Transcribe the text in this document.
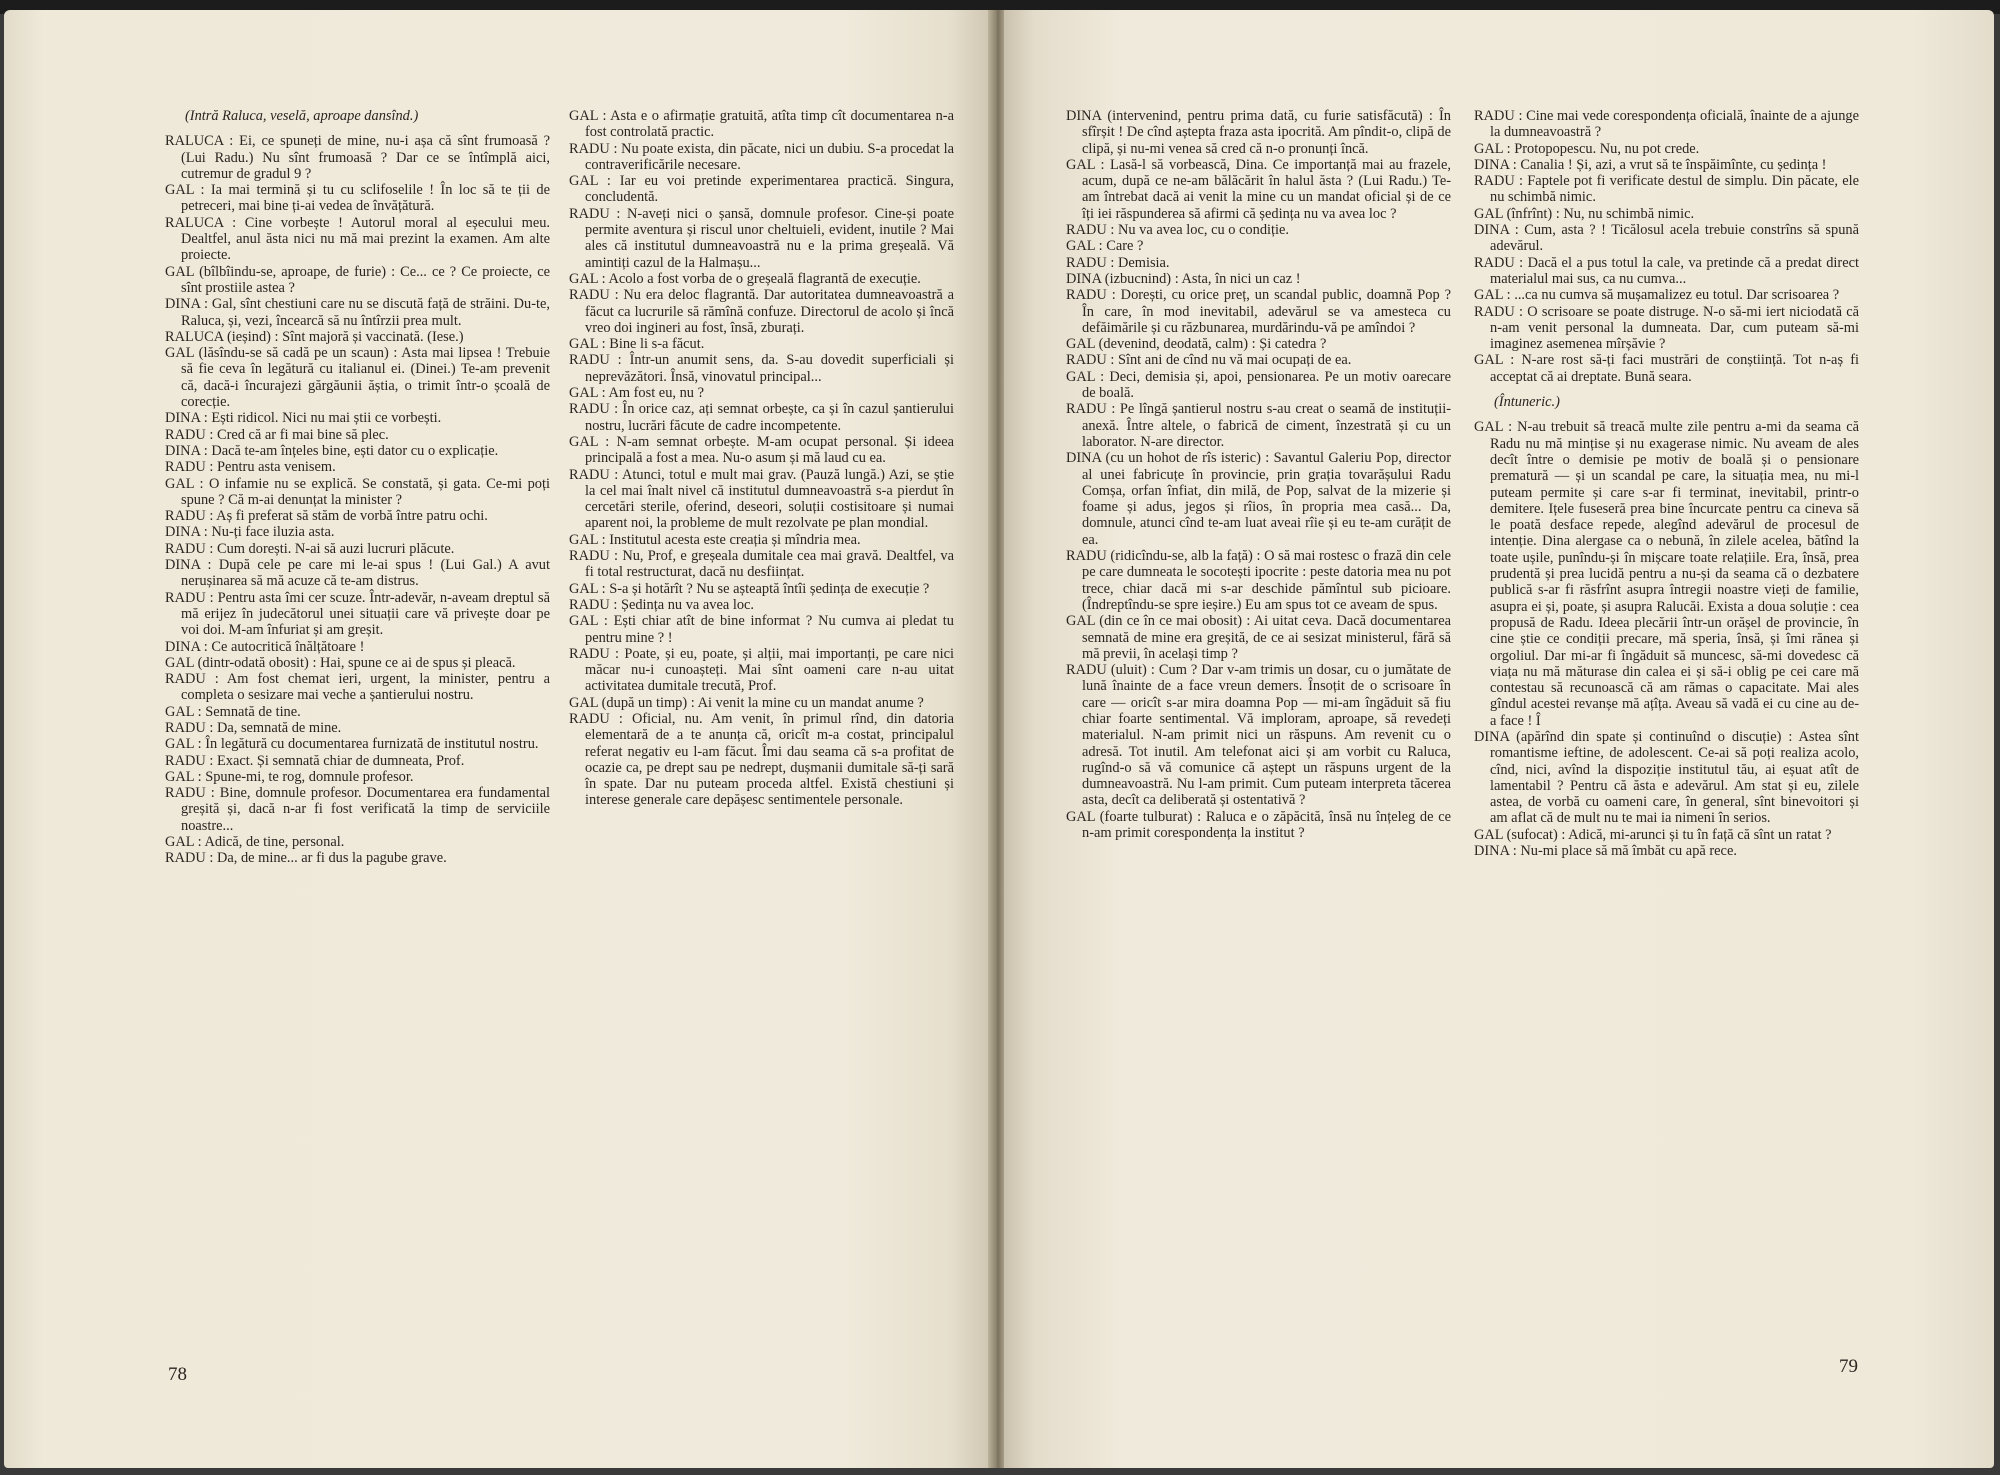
(Intră Raluca, veselă, aproape dansînd.)

RALUCA : Ei, ce spuneți de mine, nu-i așa că sînt frumoasă ? (Lui Radu.) Nu sînt frumoasă ? Dar ce se întîmplă aici, cutremur de gradul 9 ?

GAL : Ia mai termină și tu cu sclifoselile ! În loc să te ții de petreceri, mai bine ți-ai vedea de învățătură.

RALUCA : Cine vorbește ! Autorul moral al eșecului meu. Dealtfel, anul ăsta nici nu mă mai prezint la examen. Am alte proiecte.

GAL (bîlbîindu-se, aproape, de furie) : Ce... ce ? Ce proiecte, ce sînt prostiile astea ?

DINA : Gal, sînt chestiuni care nu se discută față de străini. Du-te, Raluca, și, vezi, încearcă să nu întîrzii prea mult.

RALUCA (ieșind) : Sînt majoră și vaccinată. (Iese.)

GAL (lăsîndu-se să cadă pe un scaun) : Asta mai lipsea ! Trebuie să fie ceva în legătură cu italianul ei. (Dinei.) Te-am prevenit că, dacă-i încurajezi gărgăunii ăștia, o trimit într-o școală de corecție.

DINA : Ești ridicol. Nici nu mai știi ce vorbești.

RADU : Cred că ar fi mai bine să plec.

DINA : Dacă te-am înțeles bine, ești dator cu o explicație.

RADU : Pentru asta venisem.

GAL : O infamie nu se explică. Se constată, și gata. Ce-mi poți spune ? Că m-ai denunțat la minister ?

RADU : Aș fi preferat să stăm de vorbă între patru ochi.

DINA : Nu-ți face iluzia asta.

RADU : Cum dorești. N-ai să auzi lucruri plăcute.

DINA : După cele pe care mi le-ai spus ! (Lui Gal.) A avut nerușinarea să mă acuze că te-am distrus.

RADU : Pentru asta îmi cer scuze. Într-adevăr, n-aveam dreptul să mă erijez în judecătorul unei situații care vă privește doar pe voi doi. M-am înfuriat și am greșit.

DINA : Ce autocritică înălțătoare !

GAL (dintr-odată obosit) : Hai, spune ce ai de spus și pleacă.

RADU : Am fost chemat ieri, urgent, la minister, pentru a completa o sesizare mai veche a șantierului nostru.

GAL : Semnată de tine.

RADU : Da, semnată de mine.

GAL : În legătură cu documentarea furnizată de institutul nostru.

RADU : Exact. Și semnată chiar de dumneata, Prof.

GAL : Spune-mi, te rog, domnule profesor.

RADU : Bine, domnule profesor. Documentarea era fundamental greșită și, dacă n-ar fi fost verificată la timp de serviciile noastre...

GAL : Adică, de tine, personal.

RADU : Da, de mine... ar fi dus la pagube grave.

GAL : Asta e o afirmație gratuită, atîta timp cît documentarea n-a fost controlată practic.

RADU : Nu poate exista, din păcate, nici un dubiu. S-a procedat la contraverificările necesare.

GAL : Iar eu voi pretinde experimentarea practică. Singura, concludentă.

RADU : N-aveți nici o șansă, domnule profesor. Cine-și poate permite aventura și riscul unor cheltuieli, evident, inutile ? Mai ales că institutul dumneavoastră nu e la prima greșeală. Vă amintiți cazul de la Halmașu...

GAL : Acolo a fost vorba de o greșeală flagrantă de execuție.

RADU : Nu era deloc flagrantă. Dar autoritatea dumneavoastră a făcut ca lucrurile să rămînă confuze. Directorul de acolo și încă vreo doi ingineri au fost, însă, zburați.

GAL : Bine li s-a făcut.

RADU : Într-un anumit sens, da. S-au dovedit superficiali și neprevăzători. Însă, vinovatul principal...

GAL : Am fost eu, nu ?

RADU : În orice caz, ați semnat orbește, ca și în cazul șantierului nostru, lucrări făcute de cadre incompetente.

GAL : N-am semnat orbește. M-am ocupat personal. Și ideea principală a fost a mea. Nu-o asum și mă laud cu ea.

RADU : Atunci, totul e mult mai grav. (Pauză lungă.) Azi, se știe la cel mai înalt nivel că institutul dumneavoastră s-a pierdut în cercetări sterile, oferind, deseori, soluții costisitoare și numai aparent noi, la probleme de mult rezolvate pe plan mondial.

GAL : Institutul acesta este creația și mîndria mea.

RADU : Nu, Prof, e greșeala dumitale cea mai gravă. Dealtfel, va fi total restructurat, dacă nu desființat.

GAL : S-a și hotărît ? Nu se așteaptă întîi ședința de execuție ?

RADU : Ședința nu va avea loc.

GAL : Ești chiar atît de bine informat ? Nu cumva ai pledat tu pentru mine ? !

RADU : Poate, și eu, poate, și alții, mai importanți, pe care nici măcar nu-i cunoașteți. Mai sînt oameni care n-au uitat activitatea dumitale trecută, Prof.

GAL (după un timp) : Ai venit la mine cu un mandat anume ?

RADU : Oficial, nu. Am venit, în primul rînd, din datoria elementară de a te anunța că, oricît m-a costat, principalul referat negativ eu l-am făcut. Îmi dau seama că s-a profitat de ocazie ca, pe drept sau pe nedrept, dușmanii dumitale să-ți sară în spate. Dar nu puteam proceda altfel. Există chestiuni și interese generale care depășesc sentimentele personale.

78

DINA (intervenind, pentru prima dată, cu furie satisfăcută) : În sfîrșit ! De cînd aștepta fraza asta ipocrită. Am pîndit-o, clipă de clipă, și nu-mi venea să cred că n-o pronunți încă.

GAL : Lasă-l să vorbească, Dina. Ce importanță mai au frazele, acum, după ce ne-am bălăcărit în halul ăsta ? (Lui Radu.) Te-am întrebat dacă ai venit la mine cu un mandat oficial și de ce îți iei răspunderea să afirmi că ședința nu va avea loc ?

RADU : Nu va avea loc, cu o condiție.

GAL : Care ?

RADU : Demisia.

DINA (izbucnind) : Asta, în nici un caz !

RADU : Dorești, cu orice preț, un scandal public, doamnă Pop ? În care, în mod inevitabil, adevărul se va amesteca cu defăimările și cu răzbunarea, murdărindu-vă pe amîndoi ?

GAL (devenind, deodată, calm) : Și catedra ?

RADU : Sînt ani de cînd nu vă mai ocupați de ea.

GAL : Deci, demisia și, apoi, pensionarea. Pe un motiv oarecare de boală.

RADU : Pe lîngă șantierul nostru s-au creat o seamă de instituții-anexă. Între altele, o fabrică de ciment, înzestrată și cu un laborator. N-are director.

DINA (cu un hohot de rîs isteric) : Savantul Galeriu Pop, director al unei fabricuțe în provincie, prin grația tovarășului Radu Comșa, orfan înfiat, din milă, de Pop, salvat de la mizerie și foame și adus, jegos și rîios, în propria mea casă... Da, domnule, atunci cînd te-am luat aveai rîie și eu te-am curățit de ea.

RADU (ridicîndu-se, alb la față) : O să mai rostesc o frază din cele pe care dumneata le socotești ipocrite : peste datoria mea nu pot trece, chiar dacă mi s-ar deschide pămîntul sub picioare. (Îndreptîndu-se spre ieșire.) Eu am spus tot ce aveam de spus.

GAL (din ce în ce mai obosit) : Ai uitat ceva. Dacă documentarea semnată de mine era greșită, de ce ai sesizat ministerul, fără să mă previi, în același timp ?

RADU (uluit) : Cum ? Dar v-am trimis un dosar, cu o jumătate de lună înainte de a face vreun demers. Însoțit de o scrisoare în care — oricît s-ar mira doamna Pop — mi-am îngăduit să fiu chiar foarte sentimental. Vă imploram, aproape, să revedeți materialul. N-am primit nici un răspuns. Am revenit cu o adresă. Tot inutil. Am telefonat aici și am vorbit cu Raluca, rugînd-o să vă comunice că aștept un răspuns urgent de la dumneavoastră. Nu l-am primit. Cum puteam interpreta tăcerea asta, decît ca deliberată și ostentativă ?

GAL (foarte tulburat) : Raluca e o zăpăcită, însă nu înțeleg de ce n-am primit corespondența la institut ?

RADU : Cine mai vede corespondența oficială, înainte de a ajunge la dumneavoastră ?

GAL : Protopopescu. Nu, nu pot crede.

DINA : Canalia ! Și, azi, a vrut să te înspăimînte, cu ședința !

RADU : Faptele pot fi verificate destul de simplu. Din păcate, ele nu schimbă nimic.

GAL (înfrînt) : Nu, nu schimbă nimic.

DINA : Cum, asta ? ! Ticălosul acela trebuie constrîns să spună adevărul.

RADU : Dacă el a pus totul la cale, va pretinde că a predat direct materialul mai sus, ca nu cumva...

GAL : ...ca nu cumva să mușamalizez eu totul. Dar scrisoarea ?

RADU : O scrisoare se poate distruge. N-o să-mi iert niciodată că n-am venit personal la dumneata. Dar, cum puteam să-mi imaginez asemenea mîrșăvie ?

GAL : N-are rost să-ți faci mustrări de conștiință. Tot n-aș fi acceptat că ai dreptate. Bună seara.

(Întuneric.)

GAL : N-au trebuit să treacă multe zile pentru a-mi da seama că Radu nu mă mințise și nu exagerase nimic. Nu aveam de ales decît între o demisie pe motiv de boală și o pensionare prematură — și un scandal pe care, la situația mea, nu mi-l puteam permite și care s-ar fi terminat, inevitabil, printr-o demitere. Ițele fuseseră prea bine încurcate pentru ca cineva să le poată desface repede, alegînd adevărul de procesul de intenție. Dina alergase ca o nebună, în zilele acelea, bătînd la toate ușile, punîndu-și în mișcare toate relațiile. Era, însă, prea prudentă și prea lucidă pentru a nu-și da seama că o dezbatere publică s-ar fi răsfrînt asupra întregii noastre vieți de familie, asupra ei și, poate, și asupra Ralucăi. Exista a doua soluție : cea propusă de Radu. Ideea plecării într-un orășel de provincie, în cine știe ce condiții precare, mă speria, însă, și îmi rănea și orgoliul. Dar mi-ar fi îngăduit să muncesc, să-mi dovedesc că viața nu mă măturase din calea ei și să-i oblig pe cei care mă contestau să recunoască că am rămas o capacitate. Mai ales gîndul acestei revanșe mă ațîța. Aveau să vadă ei cu cine au de-a face ! Î

DINA (apărînd din spate și continuînd o discuție) : Astea sînt romantisme ieftine, de adolescent. Ce-ai să poți realiza acolo, cînd, nici, avînd la dispoziție institutul tău, ai eșuat atît de lamentabil ? Pentru că ăsta e adevărul. Am stat și eu, zilele astea, de vorbă cu oameni care, în general, sînt binevoitori și am aflat că de mult nu te mai ia nimeni în serios.

GAL (sufocat) : Adică, mi-arunci și tu în față că sînt un ratat ?

DINA : Nu-mi place să mă îmbăt cu apă rece.

79
